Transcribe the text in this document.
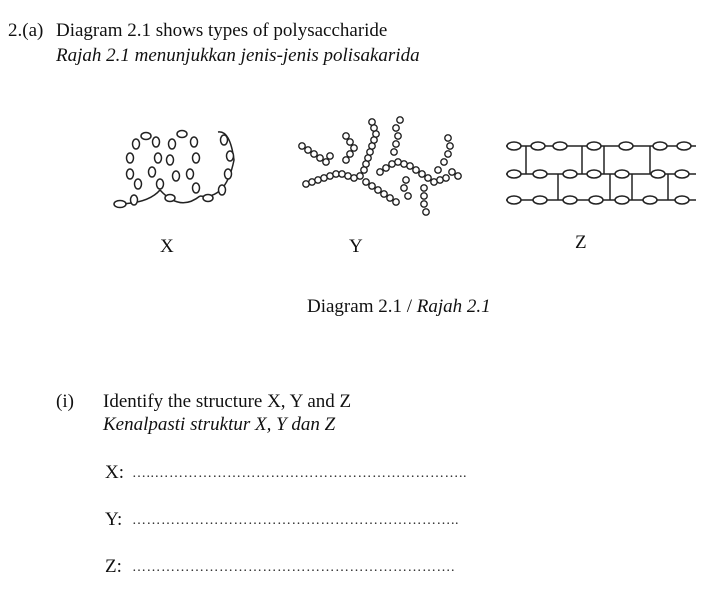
2.(a) Diagram 2.1 shows types of polysaccharide
Rajah 2.1 menunjukkan jenis-jenis polisakarida
X	Y	Z
Diagram 2.1 / Rajah 2.1
(i) Identify the structure X, Y and Z
Kenalpasti struktur X, Y dan Z
X: …..………………………………………………………..
Y: …………………………………………………………..
Z: ………………………………………………………….
